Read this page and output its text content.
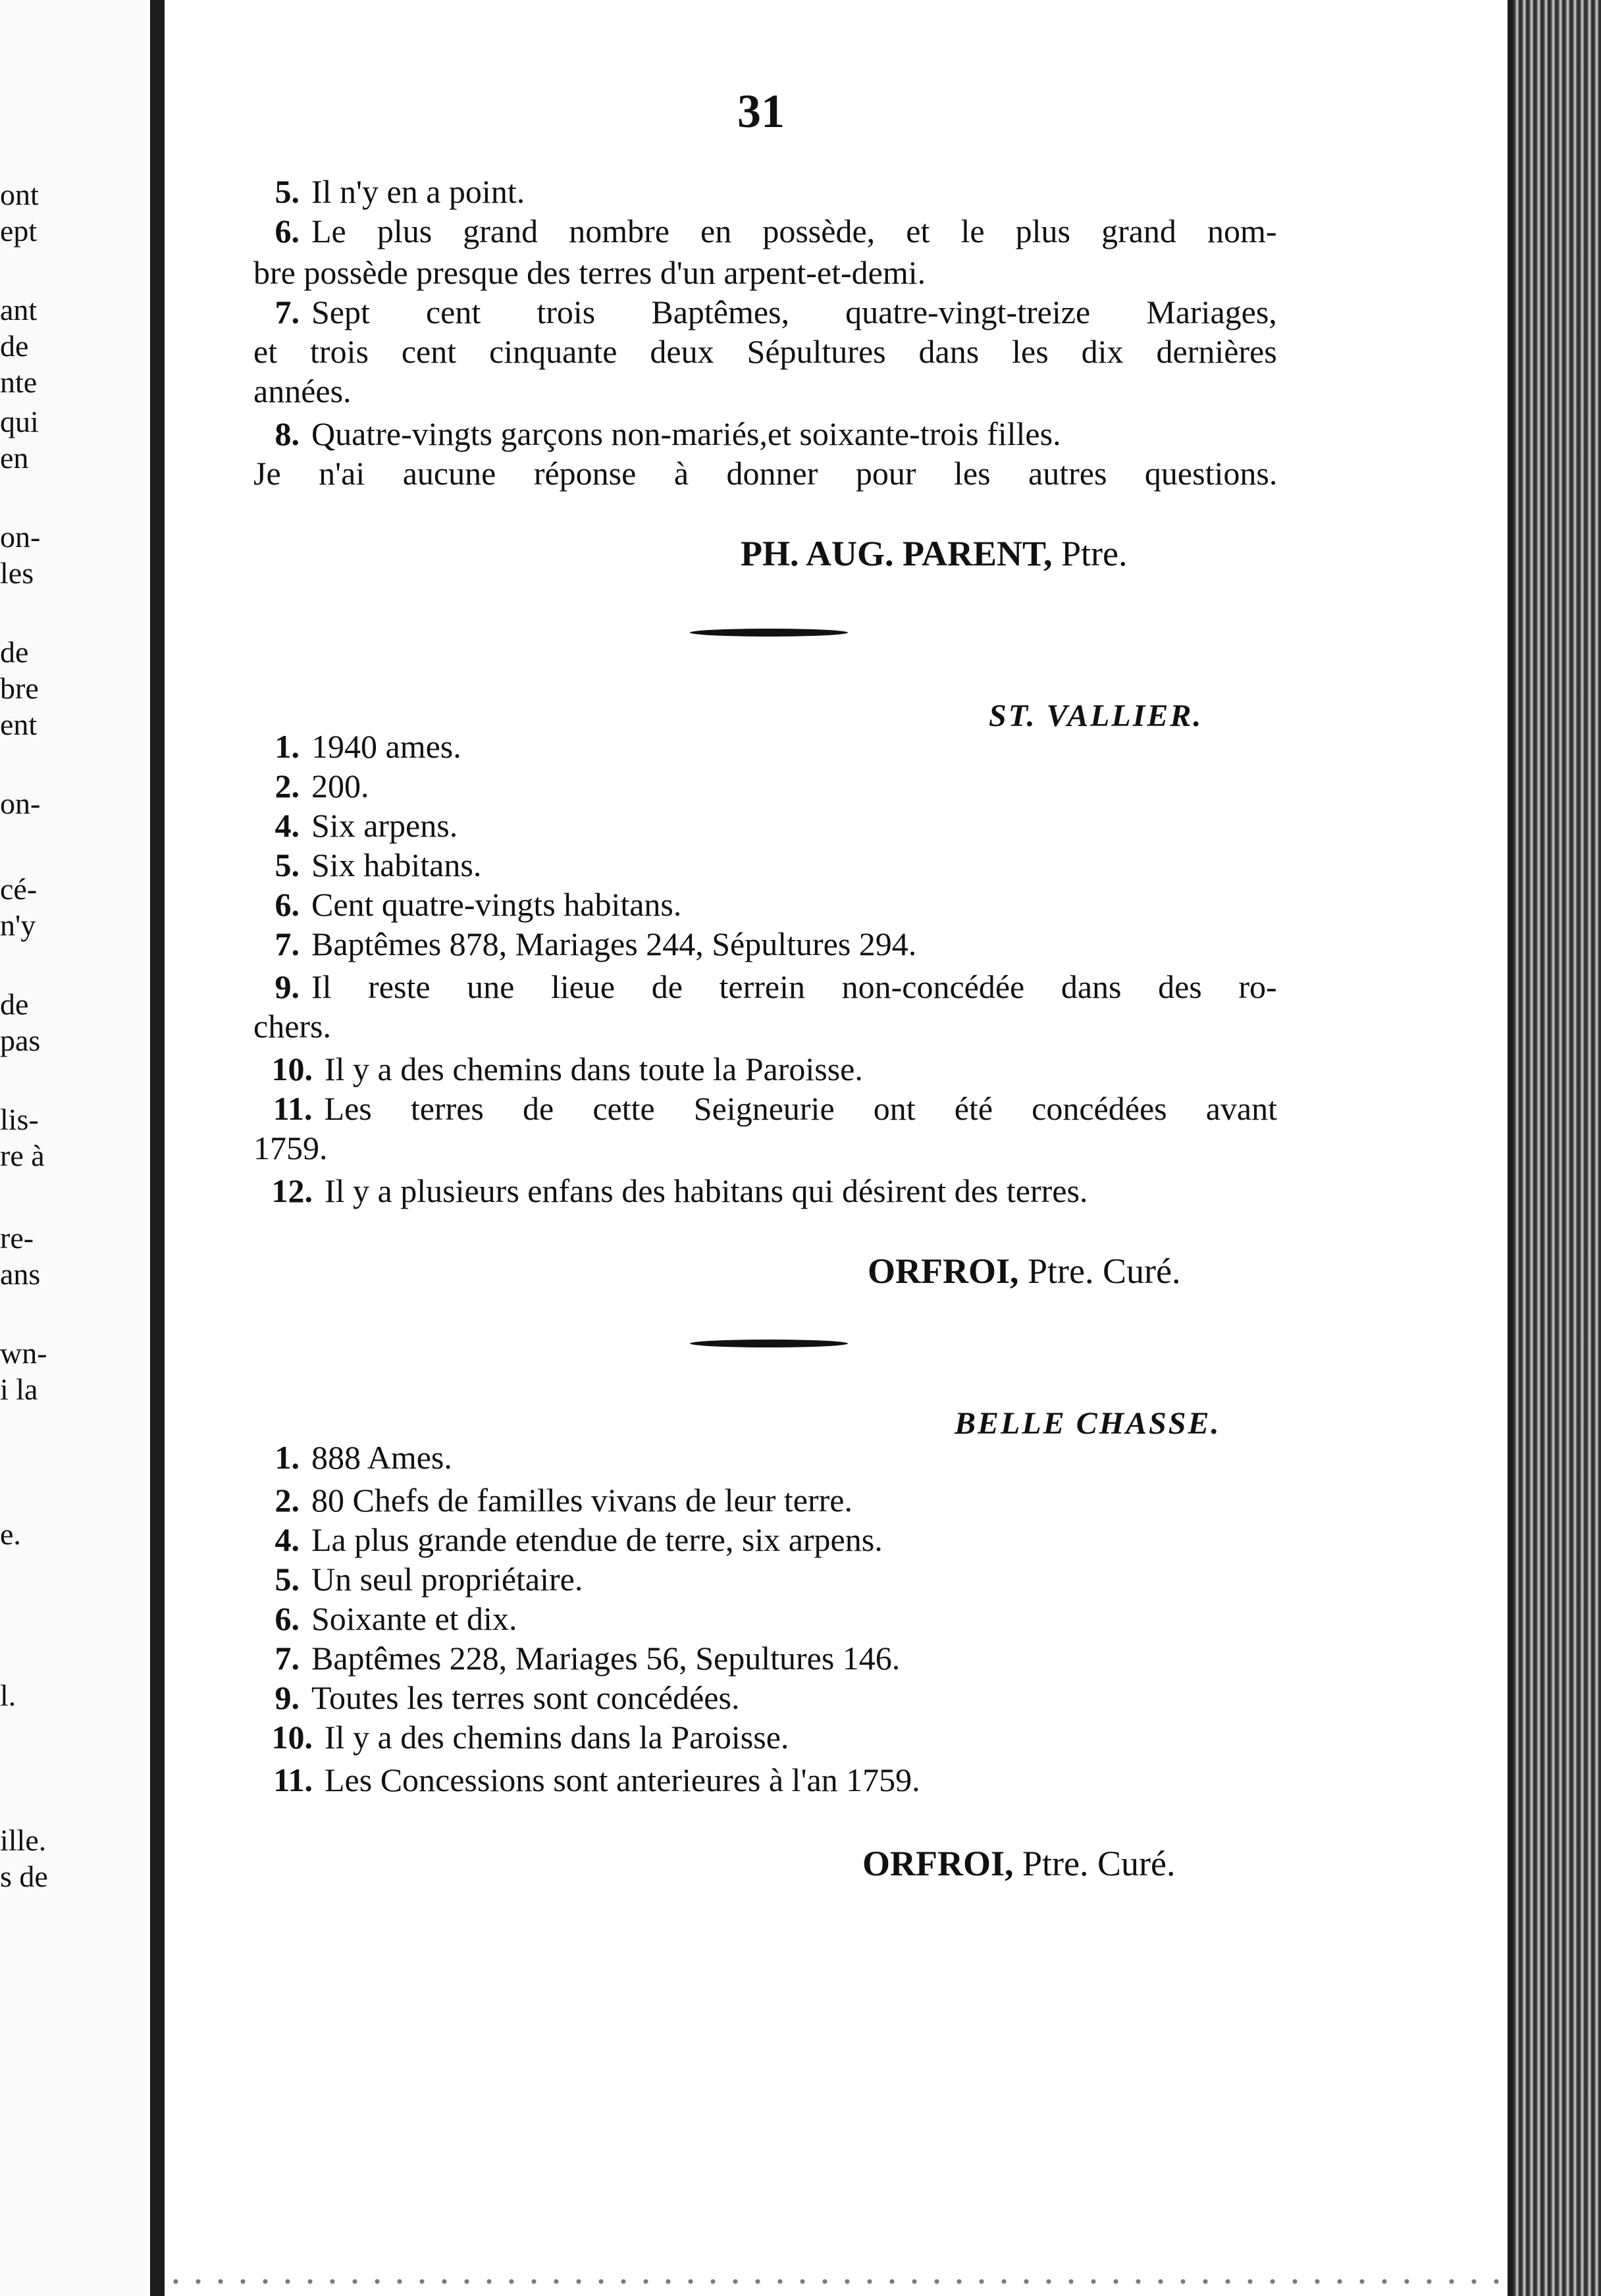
ont
ept
ant
de
nte
qui
en
on-
les
de
bre
ent
on-
cé-
n'y
de
pas
lis-
re à
re-
ans
wn-
i la
e.
l.
ille.
s de
31
5. Il n'y en a point.
6. Le plus grand nombre en possède, et le plus grand nom-
bre possède presque des terres d'un arpent-et-demi.
7. Sept cent trois Baptêmes, quatre-vingt-treize Mariages,
et trois cent cinquante deux Sépultures dans les dix dernières
années.
8. Quatre-vingts garçons non-mariés,et soixante-trois filles.
Je n'ai aucune réponse à donner pour les autres questions.
PH. AUG. PARENT, Ptre.
ST. VALLIER.
1. 1940 ames.
2. 200.
4. Six arpens.
5. Six habitans.
6. Cent quatre-vingts habitans.
7. Baptêmes 878, Mariages 244, Sépultures 294.
9. Il reste une lieue de terrein non-concédée dans des ro-
chers.
10. Il y a des chemins dans toute la Paroisse.
11. Les terres de cette Seigneurie ont été concédées avant
1759.
12. Il y a plusieurs enfans des habitans qui désirent des terres.
ORFROI, Ptre. Curé.
BELLE CHASSE.
1. 888 Ames.
2. 80 Chefs de familles vivans de leur terre.
4. La plus grande etendue de terre, six arpens.
5. Un seul propriétaire.
6. Soixante et dix.
7. Baptêmes 228, Mariages 56, Sepultures 146.
9. Toutes les terres sont concédées.
10. Il y a des chemins dans la Paroisse.
11. Les Concessions sont anterieures à l'an 1759.
ORFROI, Ptre. Curé.
